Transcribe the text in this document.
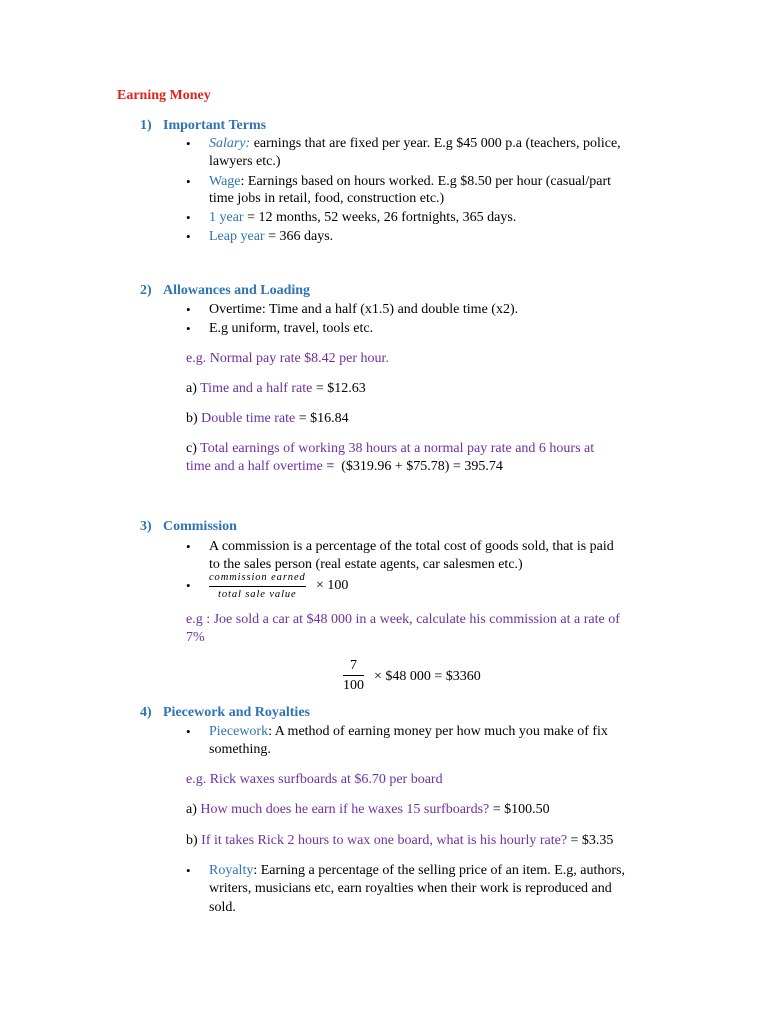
Earning Money
1) Important Terms
• Salary: earnings that are fixed per year. E.g $45 000 p.a (teachers, police,
lawyers etc.)
• Wage: Earnings based on hours worked. E.g $8.50 per hour (casual/part
time jobs in retail, food, construction etc.)
• 1 year = 12 months, 52 weeks, 26 fortnights, 365 days.
• Leap year = 366 days.
2) Allowances and Loading
• Overtime: Time and a half (x1.5) and double time (x2).
• E.g uniform, travel, tools etc.
e.g. Normal pay rate $8.42 per hour.
a) Time and a half rate = $12.63
b) Double time rate = $16.84
c) Total earnings of working 38 hours at a normal pay rate and 6 hours at
time and a half overtime =  ($319.96 + $75.78) = 395.74
3) Commission
• A commission is a percentage of the total cost of goods sold, that is paid
to the sales person (real estate agents, car salesmen etc.)
•
commission earned
total sale value
× 100
e.g : Joe sold a car at $48 000 in a week, calculate his commission at a rate of
7%
7
100
× $48 000 = $3360
4) Piecework and Royalties
• Piecework: A method of earning money per how much you make of fix
something.
e.g. Rick waxes surfboards at $6.70 per board
a) How much does he earn if he waxes 15 surfboards? = $100.50
b) If it takes Rick 2 hours to wax one board, what is his hourly rate? = $3.35
• Royalty: Earning a percentage of the selling price of an item. E.g, authors,
writers, musicians etc, earn royalties when their work is reproduced and
sold.
